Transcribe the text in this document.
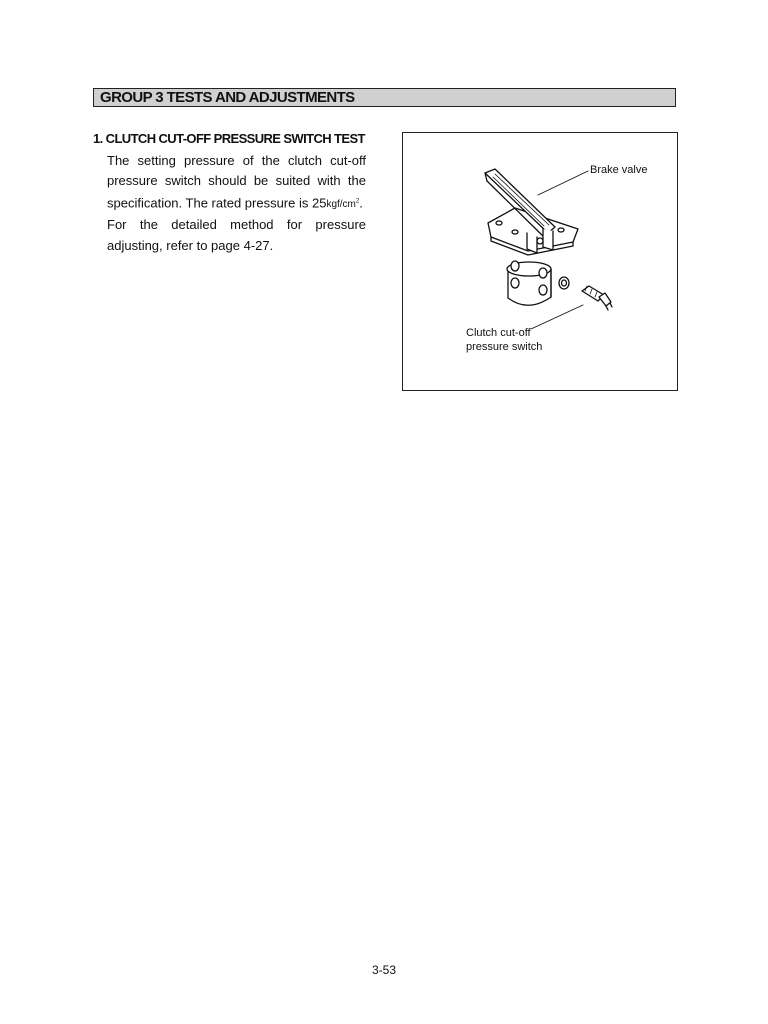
GROUP 3 TESTS AND ADJUSTMENTS
1. CLUTCH CUT-OFF PRESSURE SWITCH TEST
The setting pressure of the clutch cut-off
pressure switch should be suited with the
specification. The rated pressure is $25kgf/cm^2$.
For the detailed method for pressure
adjusting, refer to page 4-27.
Brake valve
Clutch cut-off
pressure switch
3-53
